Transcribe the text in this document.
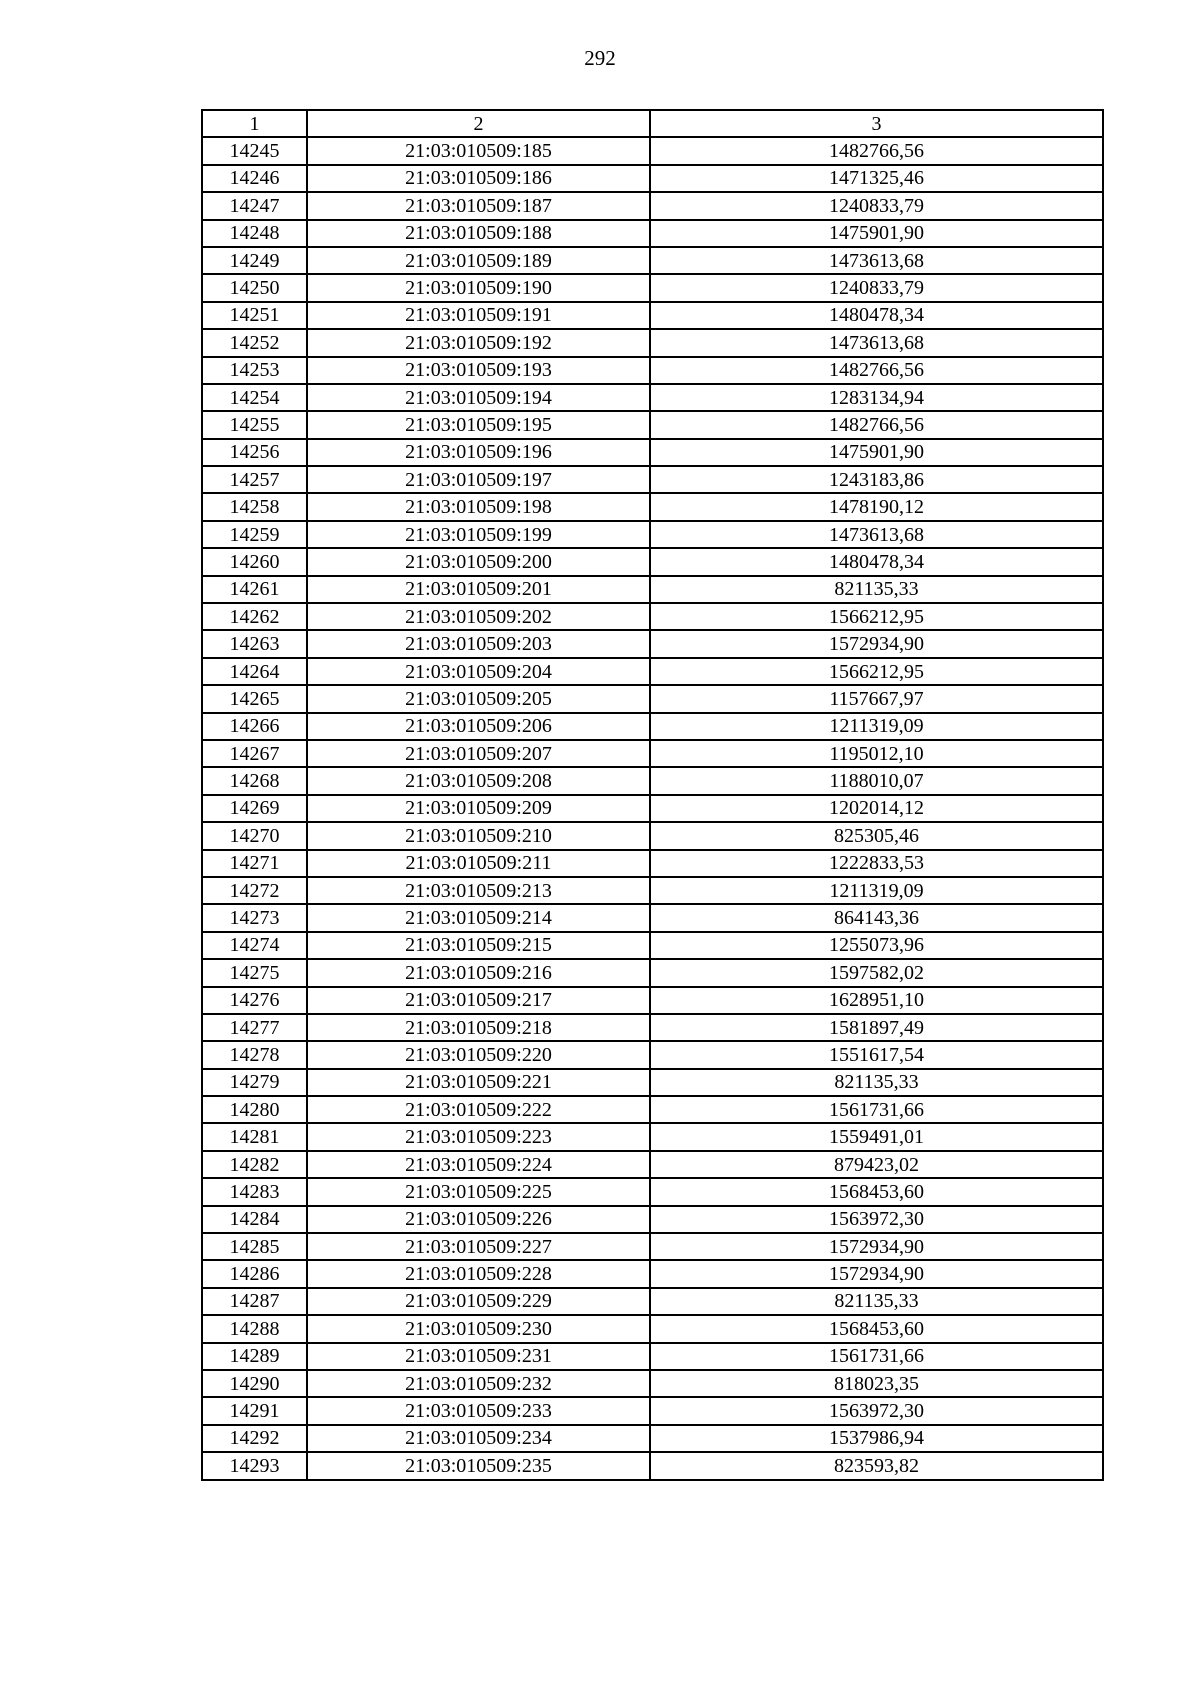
292
1	2	3
14245	21:03:010509:185	1482766,56
14246	21:03:010509:186	1471325,46
14247	21:03:010509:187	1240833,79
14248	21:03:010509:188	1475901,90
14249	21:03:010509:189	1473613,68
14250	21:03:010509:190	1240833,79
14251	21:03:010509:191	1480478,34
14252	21:03:010509:192	1473613,68
14253	21:03:010509:193	1482766,56
14254	21:03:010509:194	1283134,94
14255	21:03:010509:195	1482766,56
14256	21:03:010509:196	1475901,90
14257	21:03:010509:197	1243183,86
14258	21:03:010509:198	1478190,12
14259	21:03:010509:199	1473613,68
14260	21:03:010509:200	1480478,34
14261	21:03:010509:201	821135,33
14262	21:03:010509:202	1566212,95
14263	21:03:010509:203	1572934,90
14264	21:03:010509:204	1566212,95
14265	21:03:010509:205	1157667,97
14266	21:03:010509:206	1211319,09
14267	21:03:010509:207	1195012,10
14268	21:03:010509:208	1188010,07
14269	21:03:010509:209	1202014,12
14270	21:03:010509:210	825305,46
14271	21:03:010509:211	1222833,53
14272	21:03:010509:213	1211319,09
14273	21:03:010509:214	864143,36
14274	21:03:010509:215	1255073,96
14275	21:03:010509:216	1597582,02
14276	21:03:010509:217	1628951,10
14277	21:03:010509:218	1581897,49
14278	21:03:010509:220	1551617,54
14279	21:03:010509:221	821135,33
14280	21:03:010509:222	1561731,66
14281	21:03:010509:223	1559491,01
14282	21:03:010509:224	879423,02
14283	21:03:010509:225	1568453,60
14284	21:03:010509:226	1563972,30
14285	21:03:010509:227	1572934,90
14286	21:03:010509:228	1572934,90
14287	21:03:010509:229	821135,33
14288	21:03:010509:230	1568453,60
14289	21:03:010509:231	1561731,66
14290	21:03:010509:232	818023,35
14291	21:03:010509:233	1563972,30
14292	21:03:010509:234	1537986,94
14293	21:03:010509:235	823593,82
